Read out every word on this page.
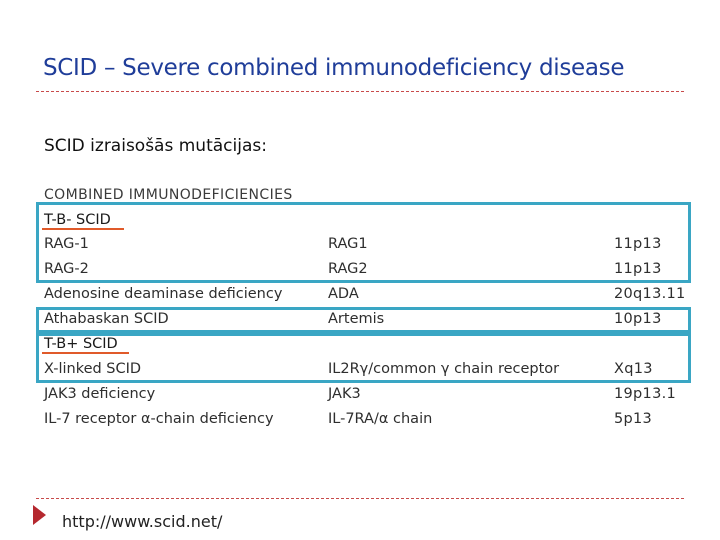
SCID – Severe combined immunodeficiency disease
SCID izraisošās mutācijas:
COMBINED IMMUNODEFICIENCIES
T-B- SCID
RAG-1	RAG1	11p13
RAG-2	RAG2	11p13
Adenosine deaminase deficiency	ADA	20q13.11
Athabaskan SCID	Artemis	10p13
T-B+ SCID
X-linked SCID	IL2Rγ/common γ chain receptor	Xq13
JAK3 deficiency	JAK3	19p13.1
IL-7 receptor α-chain deficiency	IL-7RA/α chain	5p13
http://www.scid.net/
